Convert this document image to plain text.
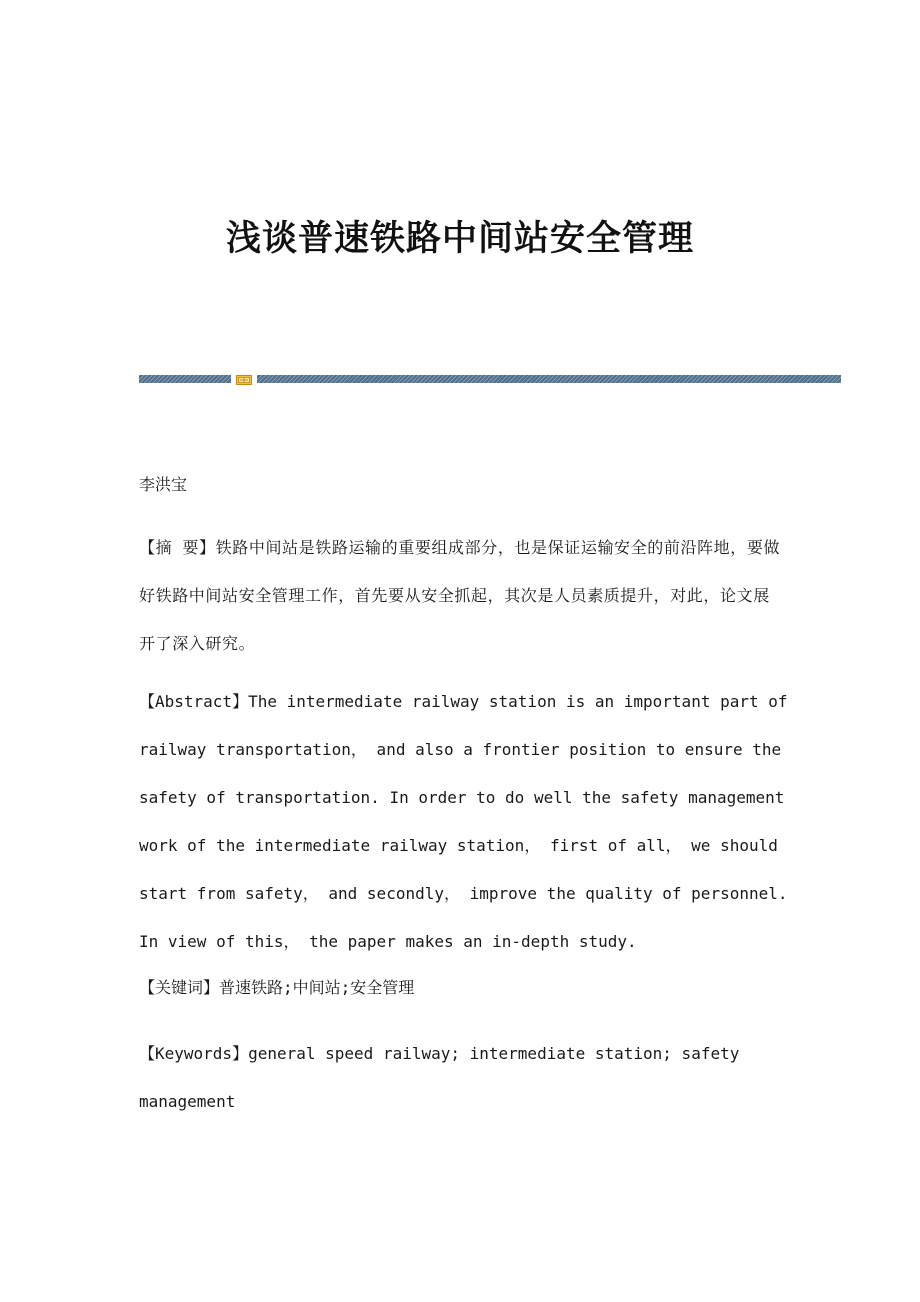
浅谈普速铁路中间站安全管理
李洪宝
【摘 要】铁路中间站是铁路运输的重要组成部分，也是保证运输安全的前沿阵地，要做好铁路中间站安全管理工作，首先要从安全抓起，其次是人员素质提升，对此，论文展开了深入研究。
【Abstract】The intermediate railway station is an important part of railway transportation， and also a frontier position to ensure the safety of transportation. In order to do well the safety management work of the intermediate railway station， first of all， we should start from safety， and secondly， improve the quality of personnel. In view of this， the paper makes an in-depth study.
【关键词】普速铁路;中间站;安全管理
【Keywords】general speed railway; intermediate station; safety management
